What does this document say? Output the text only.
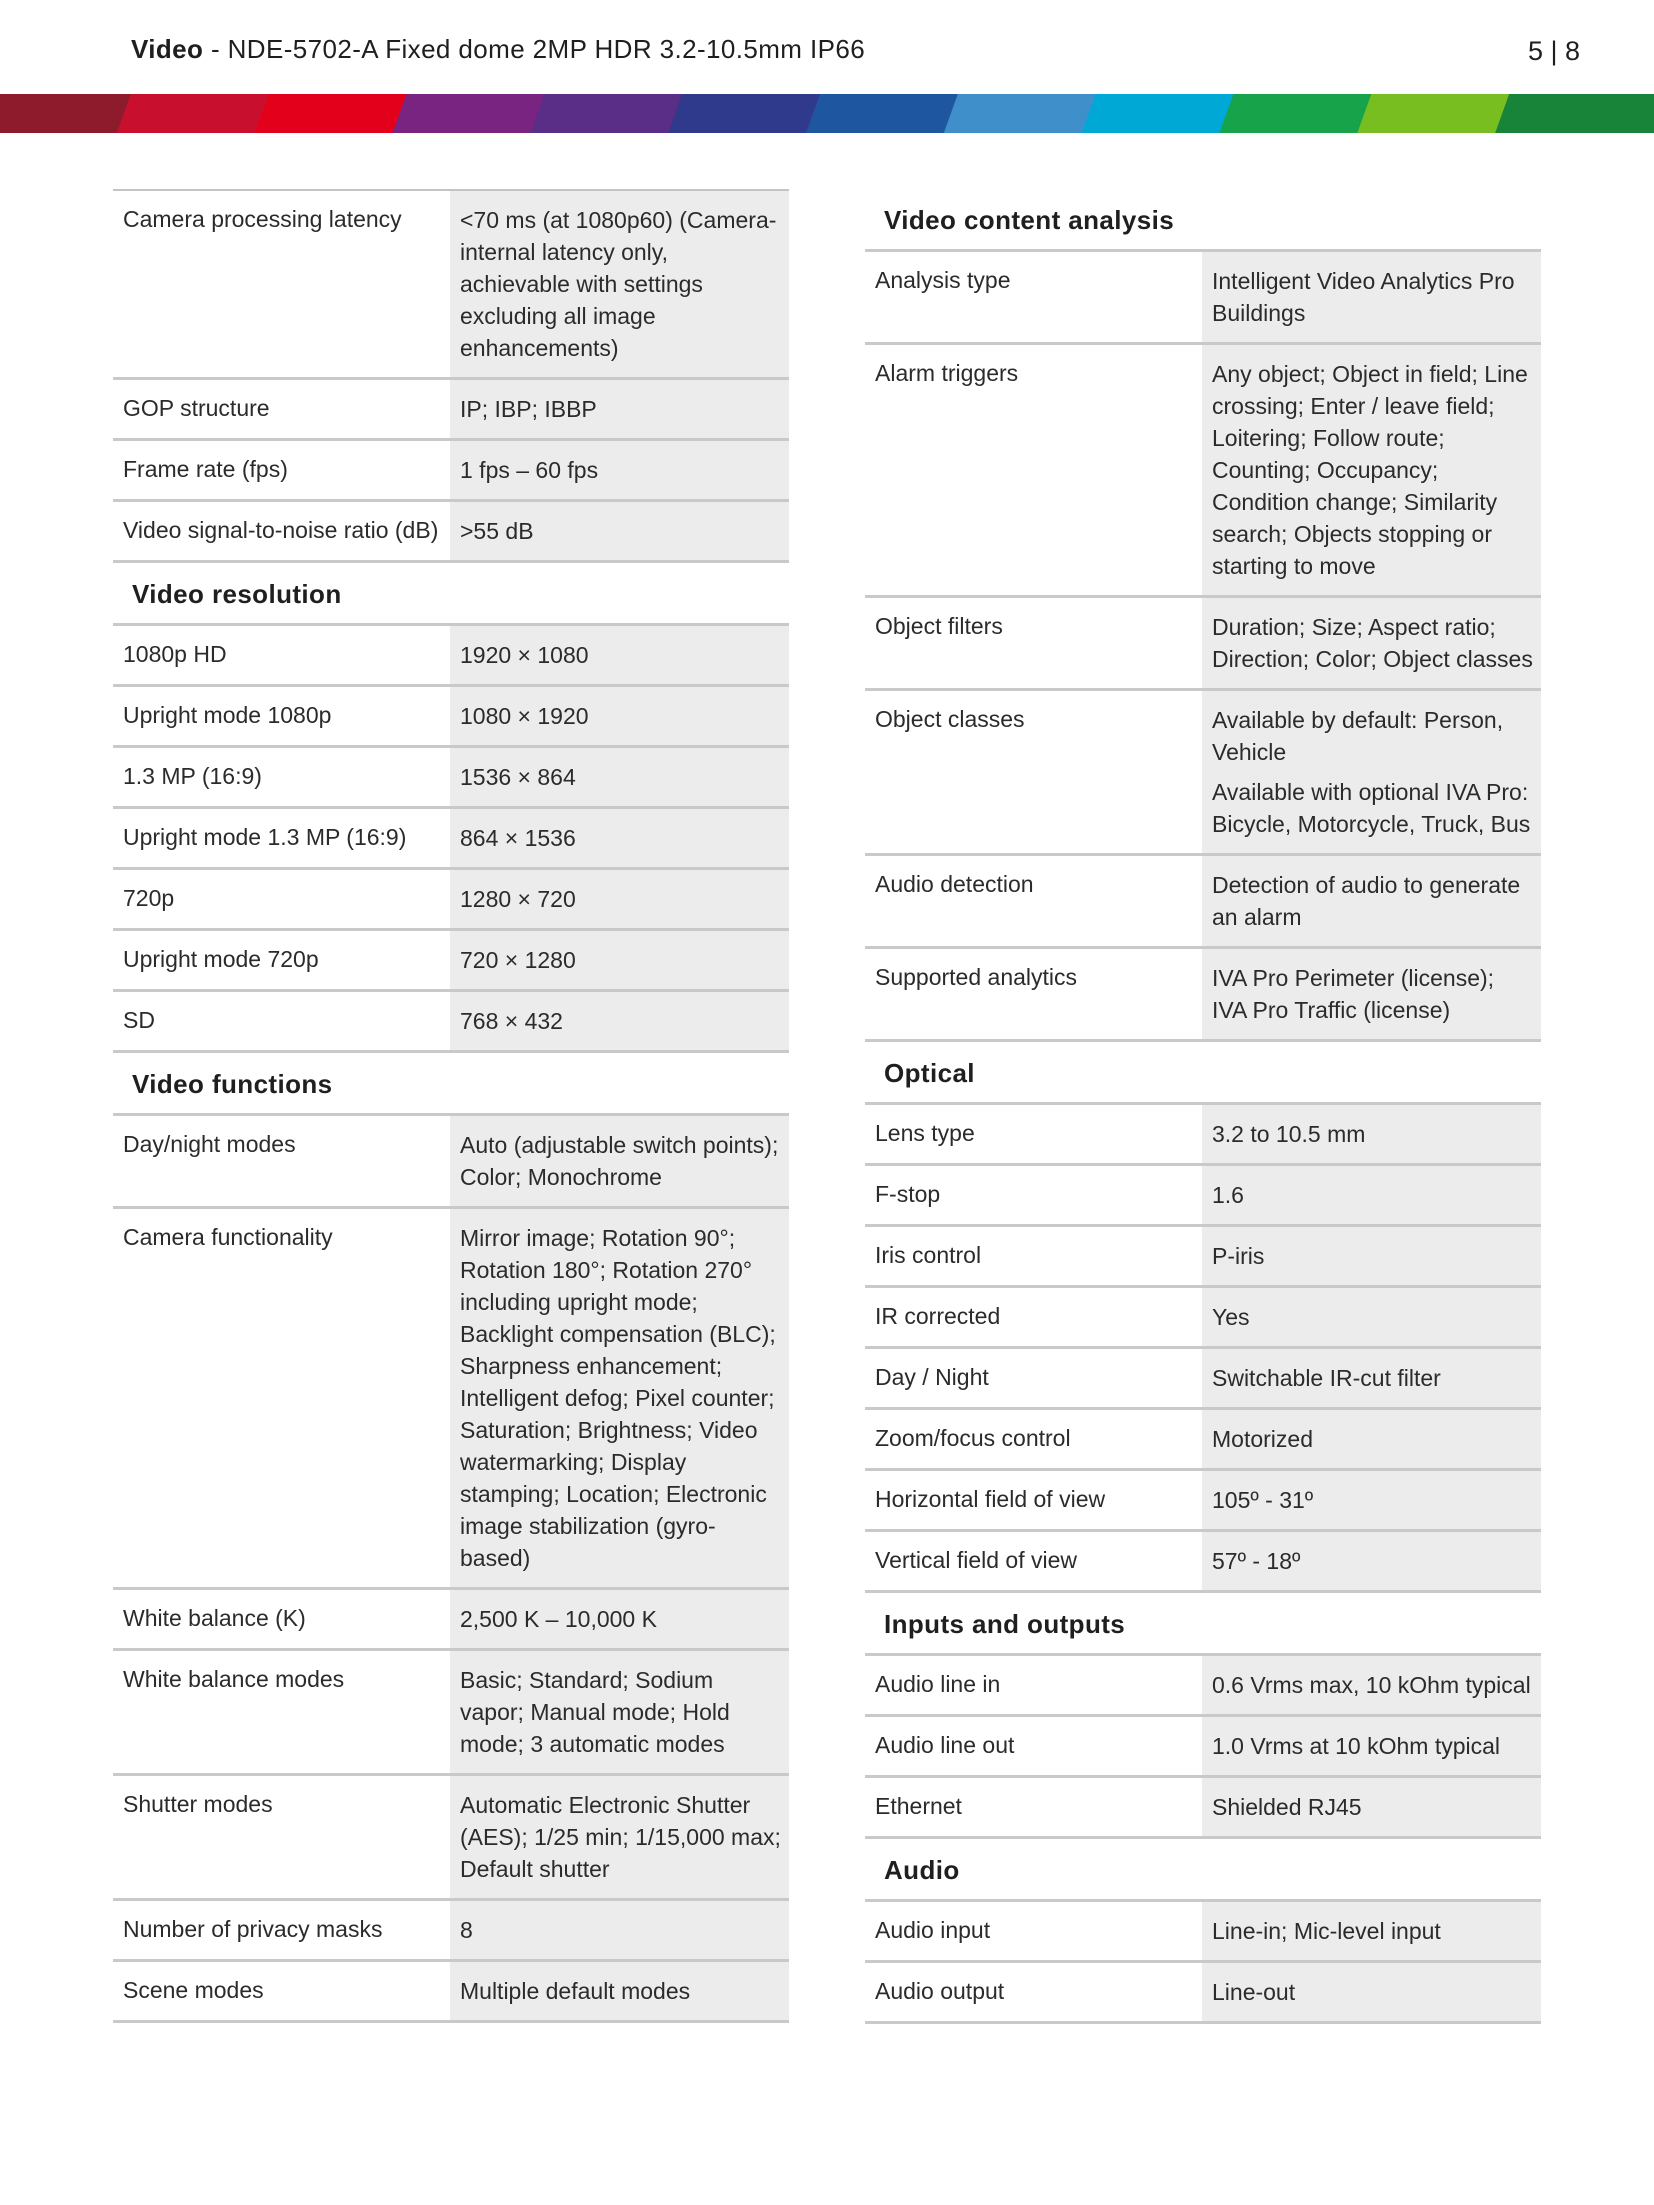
Video - NDE-5702-A Fixed dome 2MP HDR 3.2-10.5mm IP66	5 | 8
Camera processing latency	<70 ms (at 1080p60) (Camera-internal latency only, achievable with settings excluding all image enhancements)
GOP structure	IP; IBP; IBBP
Frame rate (fps)	1 fps – 60 fps
Video signal-to-noise ratio (dB) >55 dB
Video resolution
1080p HD	1920 × 1080
Upright mode 1080p	1080 × 1920
1.3 MP (16:9)	1536 × 864
Upright mode 1.3 MP (16:9)	864 × 1536
720p	1280 × 720
Upright mode 720p	720 × 1280
SD	768 × 432
Video functions
Day/night modes	Auto (adjustable switch points); Color; Monochrome
Camera functionality	Mirror image; Rotation 90°; Rotation 180°; Rotation 270° including upright mode; Backlight compensation (BLC); Sharpness enhancement; Intelligent defog; Pixel counter; Saturation; Brightness; Video watermarking; Display stamping; Location; Electronic image stabilization (gyro-based)
White balance (K)	2,500 K – 10,000 K
White balance modes	Basic; Standard; Sodium vapor; Manual mode; Hold mode; 3 automatic modes
Shutter modes	Automatic Electronic Shutter (AES); 1/25 min; 1/15,000 max; Default shutter
Number of privacy masks	8
Scene modes	Multiple default modes
Video content analysis
Analysis type	Intelligent Video Analytics Pro Buildings
Alarm triggers	Any object; Object in field; Line crossing; Enter / leave field; Loitering; Follow route; Counting; Occupancy; Condition change; Similarity search; Objects stopping or starting to move
Object filters	Duration; Size; Aspect ratio; Direction; Color; Object classes
Object classes	Available by default: Person, Vehicle

Available with optional IVA Pro: Bicycle, Motorcycle, Truck, Bus

Audio detection	Detection of audio to generate an alarm
Supported analytics	IVA Pro Perimeter (license); IVA Pro Traffic (license)
Optical
Lens type	3.2 to 10.5 mm
F-stop	1.6
Iris control	P-iris
IR corrected	Yes
Day / Night	Switchable IR-cut filter
Zoom/focus control	Motorized
Horizontal field of view	105º - 31º
Vertical field of view	57º - 18º
Inputs and outputs
Audio line in	0.6 Vrms max, 10 kOhm typical
Audio line out	1.0 Vrms at 10 kOhm typical
Ethernet	Shielded RJ45
Audio
Audio input	Line-in; Mic-level input
Audio output	Line-out
